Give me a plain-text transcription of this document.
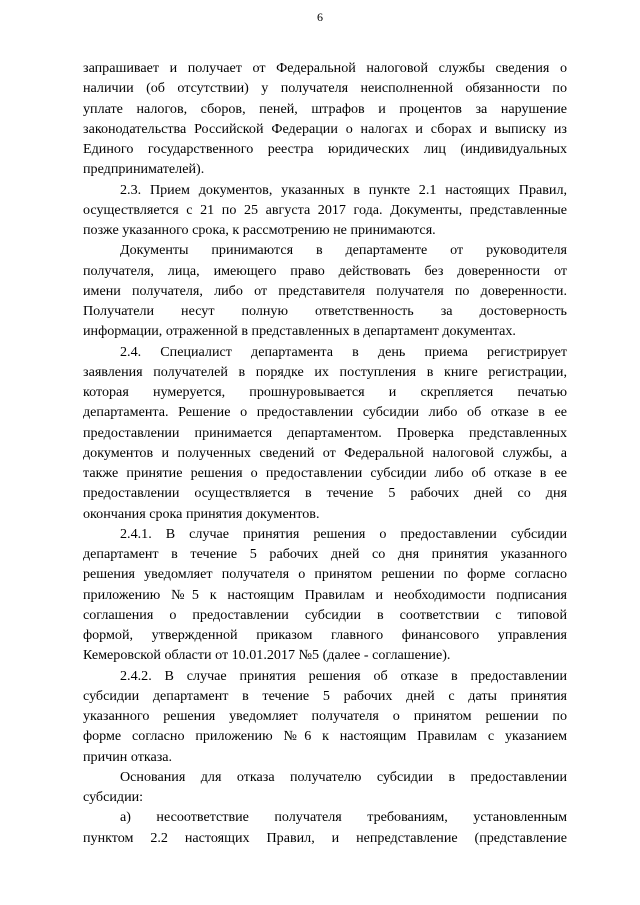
6
запрашивает и получает от Федеральной налоговой службы сведения о
наличии (об отсутствии) у получателя неисполненной обязанности по
уплате налогов, сборов, пеней, штрафов и процентов за нарушение
законодательства Российской Федерации о налогах и сборах и выписку из
Единого государственного реестра юридических лиц (индивидуальных
предпринимателей).
2.3. Прием документов, указанных в пункте 2.1 настоящих Правил,
осуществляется с 21 по 25 августа 2017 года. Документы, представленные
позже указанного срока, к рассмотрению не принимаются.
Документы принимаются в департаменте от руководителя
получателя, лица, имеющего право действовать без доверенности от
имени получателя, либо от представителя получателя по доверенности.
Получатели несут полную ответственность за достоверность
информации, отраженной в представленных в департамент документах.
2.4. Специалист департамента в день приема регистрирует
заявления получателей в порядке их поступления в книге регистрации,
которая нумеруется, прошнуровывается и скрепляется печатью
департамента. Решение о предоставлении субсидии либо об отказе в ее
предоставлении принимается департаментом. Проверка представленных
документов и полученных сведений от Федеральной налоговой службы, а
также принятие решения о предоставлении субсидии либо об отказе в ее
предоставлении осуществляется в течение 5 рабочих дней со дня
окончания срока принятия документов.
2.4.1. В случае принятия решения о предоставлении субсидии
департамент в течение 5 рабочих дней со дня принятия указанного
решения уведомляет получателя о принятом решении по форме согласно
приложению №5 к настоящим Правилам и необходимости подписания
соглашения о предоставлении субсидии в соответствии с типовой
формой, утвержденной приказом главного финансового управления
Кемеровской области от 10.01.2017 №5 (далее - соглашение).
2.4.2. В случае принятия решения об отказе в предоставлении
субсидии департамент в течение 5 рабочих дней с даты принятия
указанного решения уведомляет получателя о принятом решении по
форме согласно приложению №6 к настоящим Правилам с указанием
причин отказа.
Основания для отказа получателю субсидии в предоставлении
субсидии:
а) несоответствие получателя требованиям, установленным
пунктом 2.2 настоящих Правил, и непредставление (представление
